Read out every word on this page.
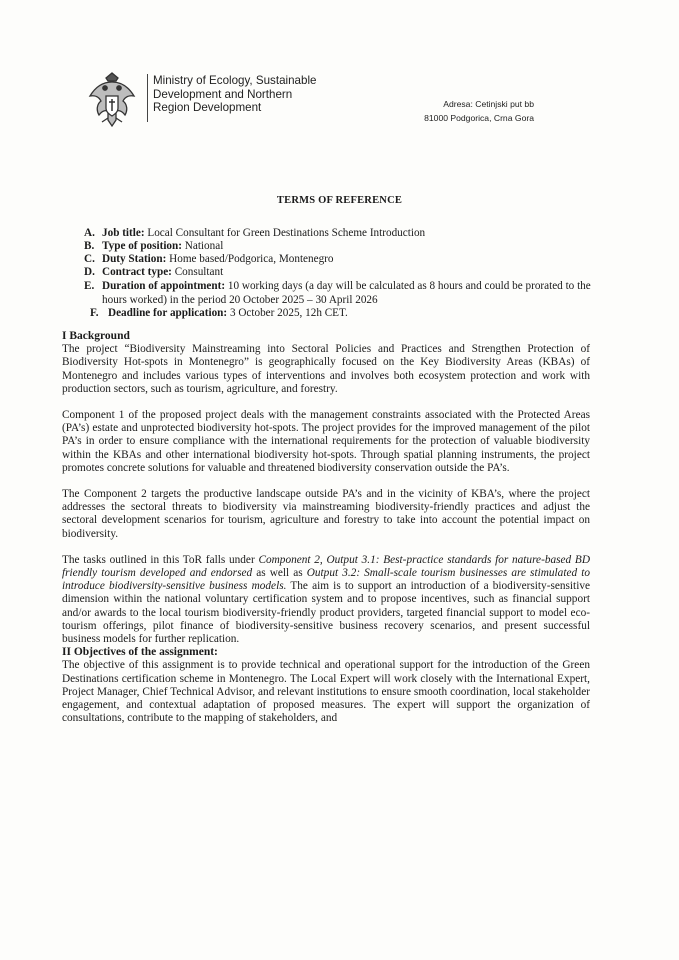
Ministry of Ecology, Sustainable
Development and Northern
Region Development	Adresa: Cetinjski put bb
81000 Podgorica, Crna Gora
TERMS OF REFERENCE
A. Job title: Local Consultant for Green Destinations Scheme Introduction
B. Type of position: National
C. Duty Station: Home based/Podgorica, Montenegro
D. Contract type: Consultant
E. Duration of appointment: 10 working days (a day will be calculated as 8 hours and could be prorated to the hours worked) in the period 20 October 2025 – 30 April 2026
F. Deadline for application: 3 October 2025, 12h CET.
I Background

The project “Biodiversity Mainstreaming into Sectoral Policies and Practices and Strengthen Protection of Biodiversity Hot-spots in Montenegro” is geographically focused on the Key Biodiversity Areas (KBAs) of Montenegro and includes various types of interventions and involves both ecosystem protection and work with production sectors, such as tourism, agriculture, and forestry.

Component 1 of the proposed project deals with the management constraints associated with the Protected Areas (PA’s) estate and unprotected biodiversity hot-spots. The project provides for the improved management of the pilot PA’s in order to ensure compliance with the international requirements for the protection of valuable biodiversity within the KBAs and other international biodiversity hot-spots. Through spatial planning instruments, the project promotes concrete solutions for valuable and threatened biodiversity conservation outside the PA’s.

The Component 2 targets the productive landscape outside PA’s and in the vicinity of KBA’s, where the project addresses the sectoral threats to biodiversity via mainstreaming biodiversity-friendly practices and adjust the sectoral development scenarios for tourism, agriculture and forestry to take into account the potential impact on biodiversity.

The tasks outlined in this ToR falls under Component 2, Output 3.1: Best-practice standards for nature-based BD friendly tourism developed and endorsed as well as Output 3.2: Small-scale tourism businesses are stimulated to introduce biodiversity-sensitive business models. The aim is to support an introduction of a biodiversity-sensitive dimension within the national voluntary certification system and to propose incentives, such as financial support and/or awards to the local tourism biodiversity-friendly product providers, targeted financial support to model eco-tourism offerings, pilot finance of biodiversity-sensitive business recovery scenarios, and present successful business models for further replication.

II Objectives of the assignment:

The objective of this assignment is to provide technical and operational support for the introduction of the Green Destinations certification scheme in Montenegro. The Local Expert will work closely with the International Expert, Project Manager, Chief Technical Advisor, and relevant institutions to ensure smooth coordination, local stakeholder engagement, and contextual adaptation of proposed measures. The expert will support the organization of consultations, contribute to the mapping of stakeholders, and
